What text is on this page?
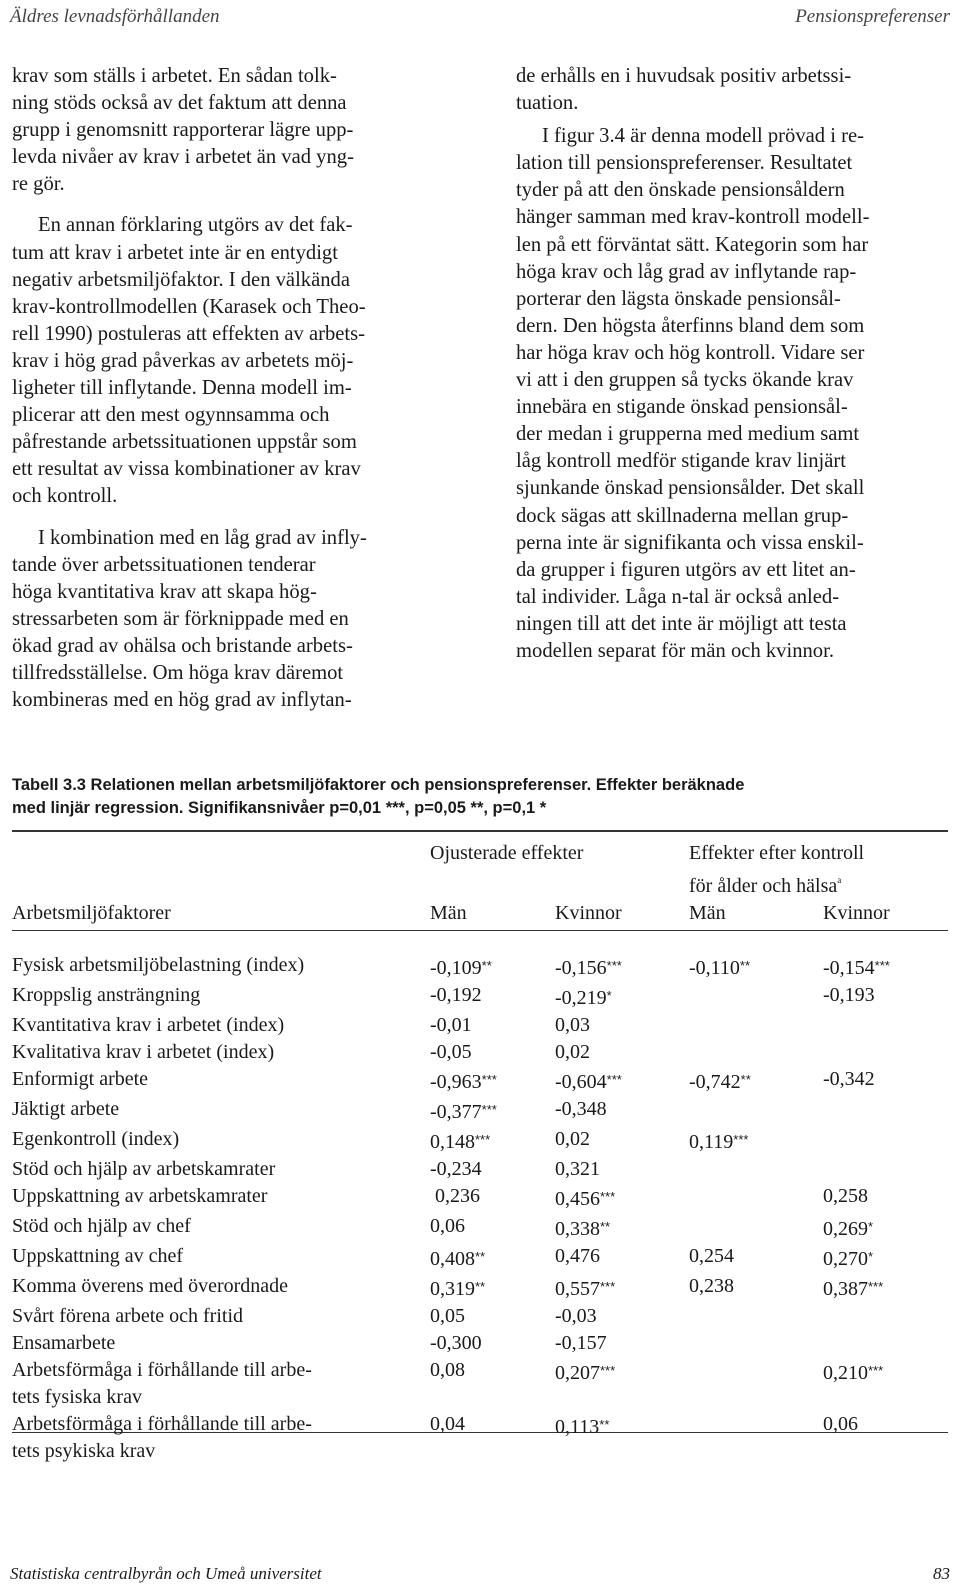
Äldres levnadsförhållanden	Pensionspreferenser

krav som ställs i arbetet. En sådan tolk-
ning stöds också av det faktum att denna
grupp i genomsnitt rapporterar lägre upp-
levda nivåer av krav i arbetet än vad yng-
re gör.

En annan förklaring utgörs av det fak-
tum att krav i arbetet inte är en entydigt
negativ arbetsmiljöfaktor. I den välkända
krav-kontrollmodellen (Karasek och Theo-
rell 1990) postuleras att effekten av arbets-
krav i hög grad påverkas av arbetets möj-
ligheter till inflytande. Denna modell im-
plicerar att den mest ogynnsamma och
påfrestande arbetssituationen uppstår som
ett resultat av vissa kombinationer av krav
och kontroll.

I kombination med en låg grad av infly-
tande över arbetssituationen tenderar
höga kvantitativa krav att skapa hög-
stressarbeten som är förknippade med en
ökad grad av ohälsa och bristande arbets-
tillfredsställelse. Om höga krav däremot
kombineras med en hög grad av inflytan-

de erhålls en i huvudsak positiv arbetssi-
tuation.

I figur 3.4 är denna modell prövad i re-
lation till pensionspreferenser. Resultatet
tyder på att den önskade pensionsåldern
hänger samman med krav-kontroll modell-
len på ett förväntat sätt. Kategorin som har
höga krav och låg grad av inflytande rap-
porterar den lägsta önskade pensionsål-
dern. Den högsta återfinns bland dem som
har höga krav och hög kontroll. Vidare ser
vi att i den gruppen så tycks ökande krav
innebära en stigande önskad pensionsål-
der medan i grupperna med medium samt
låg kontroll medför stigande krav linjärt
sjunkande önskad pensionsålder. Det skall
dock sägas att skillnaderna mellan grup-
perna inte är signifikanta och vissa enskil-
da grupper i figuren utgörs av ett litet an-
tal individer. Låga n-tal är också anled-
ningen till att det inte är möjligt att testa
modellen separat för män och kvinnor.

Tabell 3.3 Relationen mellan arbetsmiljöfaktorer och pensionspreferenser. Effekter beräknade
med linjär regression. Signifikansnivåer p=0,01 ***, p=0,05 **, p=0,1 *
	Ojusterade effekter		Effekter efter kontroll	
			för ålder och hälsa$^a$
Arbetsmiljöfaktorer	Män	Kvinnor	Män	Kvinnor

Fysisk arbetsmiljöbelastning (index)	-0,109**	-0,156***	-0,110**	-0,154***
Kroppslig ansträngning	-0,192	-0,219*		-0,193
Kvantitativa krav i arbetet (index)	-0,01	0,03		
Kvalitativa krav i arbetet (index)	-0,05	0,02		
Enformigt arbete	-0,963***	-0,604***	-0,742**	-0,342
Jäktigt arbete	-0,377***	-0,348		
Egenkontroll (index)	0,148***	0,02	0,119***	
Stöd och hjälp av arbetskamrater	-0,234	0,321		
Uppskattning av arbetskamrater	0,236	0,456***		0,258
Stöd och hjälp av chef	0,06	0,338**		0,269*
Uppskattning av chef	0,408**	0,476	0,254	0,270*
Komma överens med överordnade	0,319**	0,557***	0,238	0,387***
Svårt förena arbete och fritid	0,05	-0,03		
Ensamarbete	-0,300	-0,157		
Arbetsförmåga i förhållande till arbe-
tets fysiska krav	0,08	0,207***		0,210***
Arbetsförmåga i förhållande till arbe-
tets psykiska krav	0,04	0,113**		0,06
Statistiska centralbyrån och Umeå universitet	83
